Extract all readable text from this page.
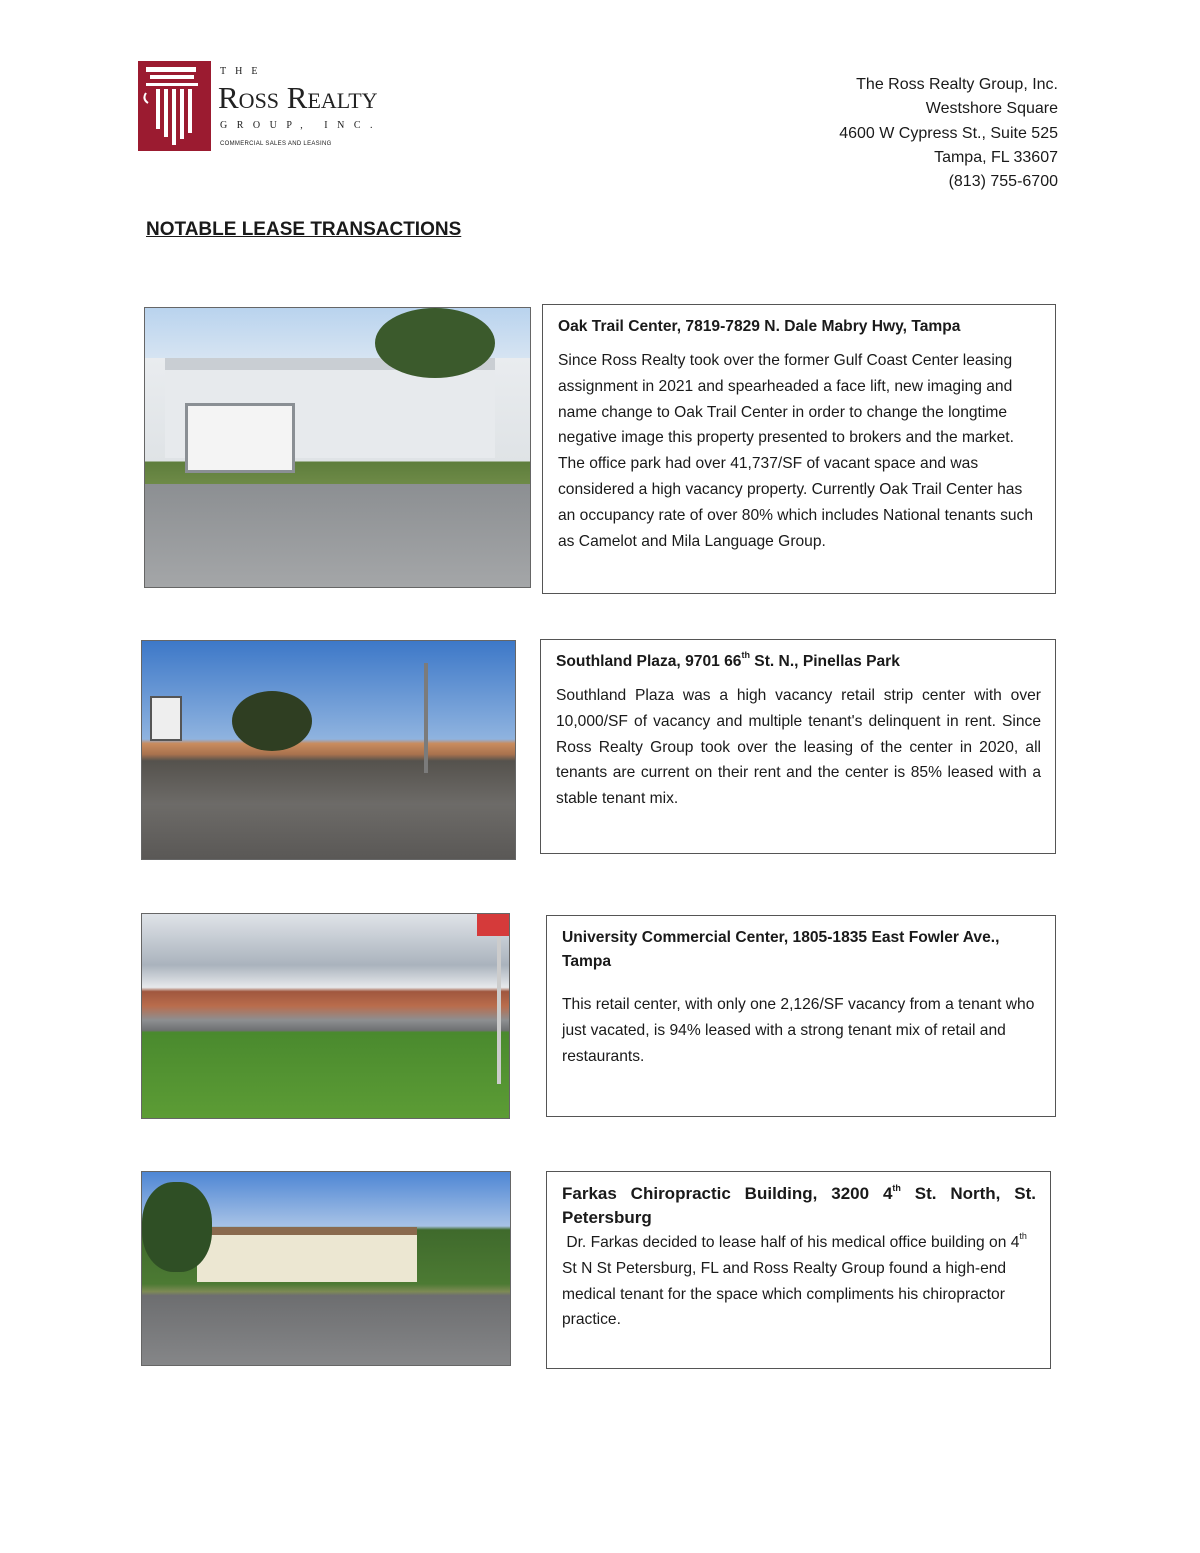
THE
Ross Realty
GROUP, INC.
COMMERCIAL SALES AND LEASING
The Ross Realty Group, Inc.
Westshore Square
4600 W Cypress St., Suite 525
Tampa, FL 33607
(813) 755-6700
NOTABLE LEASE TRANSACTIONS
Oak Trail Center, 7819-7829 N. Dale Mabry Hwy, Tampa

Since Ross Realty took over the former Gulf Coast Center leasing assignment in 2021 and spearheaded a face lift, new imaging and name change to Oak Trail Center in order to change the longtime negative image this property presented to brokers and the market. The office park had over 41,737/SF of vacant space and was considered a high vacancy property. Currently Oak Trail Center has an occupancy rate of over 80% which includes National tenants such as Camelot and Mila Language Group.

Southland Plaza, 9701 66th St. N., Pinellas Park

Southland Plaza was a high vacancy retail strip center with over 10,000/SF of vacancy and multiple tenant's delinquent in rent. Since Ross Realty Group took over the leasing of the center in 2020, all tenants are current on their rent and the center is 85% leased with a stable tenant mix.

University Commercial Center, 1805-1835 East Fowler Ave., Tampa

This retail center, with only one 2,126/SF vacancy from a tenant who just vacated, is 94% leased with a strong tenant mix of retail and restaurants.

Farkas Chiropractic Building, 3200 4th St. North, St. Petersburg

Dr. Farkas decided to lease half of his medical office building on 4th St N St Petersburg, FL and Ross Realty Group found a high-end medical tenant for the space which compliments his chiropractor practice.
